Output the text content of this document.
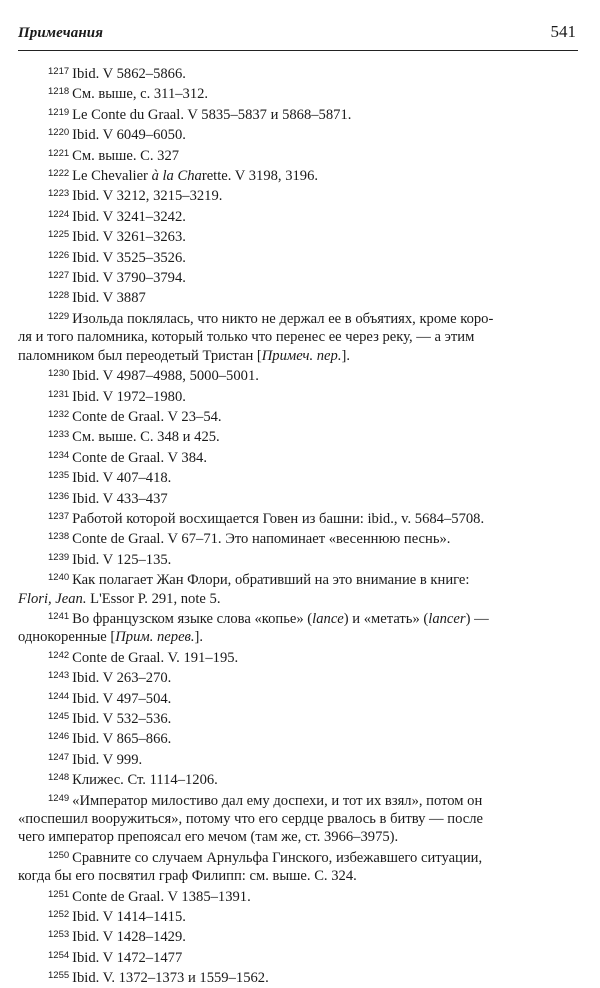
Примечания	541
$^{1217}$ Ibid. V 5862–5866.
$^{1218}$ См. выше, с. 311–312.
$^{1219}$ Le Conte du Graal. V 5835–5837 и 5868–5871.
$^{1220}$ Ibid. V 6049–6050.
$^{1221}$ См. выше. С. 327
$^{1222}$ Le Chevalier à la Charette. V 3198, 3196.
$^{1223}$ Ibid. V 3212, 3215–3219.
$^{1224}$ Ibid. V 3241–3242.
$^{1225}$ Ibid. V 3261–3263.
$^{1226}$ Ibid. V 3525–3526.
$^{1227}$ Ibid. V 3790–3794.
$^{1228}$ Ibid. V 3887
$^{1229}$ Изольда поклялась, что никто не держал ее в объятиях, кроме коро-
ля и того паломника, который только что перенес ее через реку, — а этим
паломником был переодетый Тристан [Примеч. пер.].
$^{1230}$ Ibid. V 4987–4988, 5000–5001.
$^{1231}$ Ibid. V 1972–1980.
$^{1232}$ Conte de Graal. V 23–54.
$^{1233}$ См. выше. С. 348 и 425.
$^{1234}$ Conte de Graal. V 384.
$^{1235}$ Ibid. V 407–418.
$^{1236}$ Ibid. V 433–437
$^{1237}$ Работой которой восхищается Говен из башни: ibid., v. 5684–5708.
$^{1238}$ Conte de Graal. V 67–71. Это напоминает «весеннюю песнь».
$^{1239}$ Ibid. V 125–135.
$^{1240}$ Как полагает Жан Флори, обративший на это внимание в книге:
Flori, Jean. L'Essor P. 291, note 5.
$^{1241}$ Во французском языке слова «копье» (lance) и «метать» (lancer) —
однокоренные [Прим. перев.].
$^{1242}$ Conte de Graal. V. 191–195.
$^{1243}$ Ibid. V 263–270.
$^{1244}$ Ibid. V 497–504.
$^{1245}$ Ibid. V 532–536.
$^{1246}$ Ibid. V 865–866.
$^{1247}$ Ibid. V 999.
$^{1248}$ Клижес. Ст. 1114–1206.
$^{1249}$ «Император милостиво дал ему доспехи, и тот их взял», потом он
«поспешил вооружиться», потому что его сердце рвалось в битву — после
чего император препоясал его мечом (там же, ст. 3966–3975).
$^{1250}$ Сравните со случаем Арнульфа Гинского, избежавшего ситуации,
когда бы его посвятил граф Филипп: см. выше. С. 324.
$^{1251}$ Conte de Graal. V 1385–1391.
$^{1252}$ Ibid. V 1414–1415.
$^{1253}$ Ibid. V 1428–1429.
$^{1254}$ Ibid. V 1472–1477
$^{1255}$ Ibid. V. 1372–1373 и 1559–1562.
